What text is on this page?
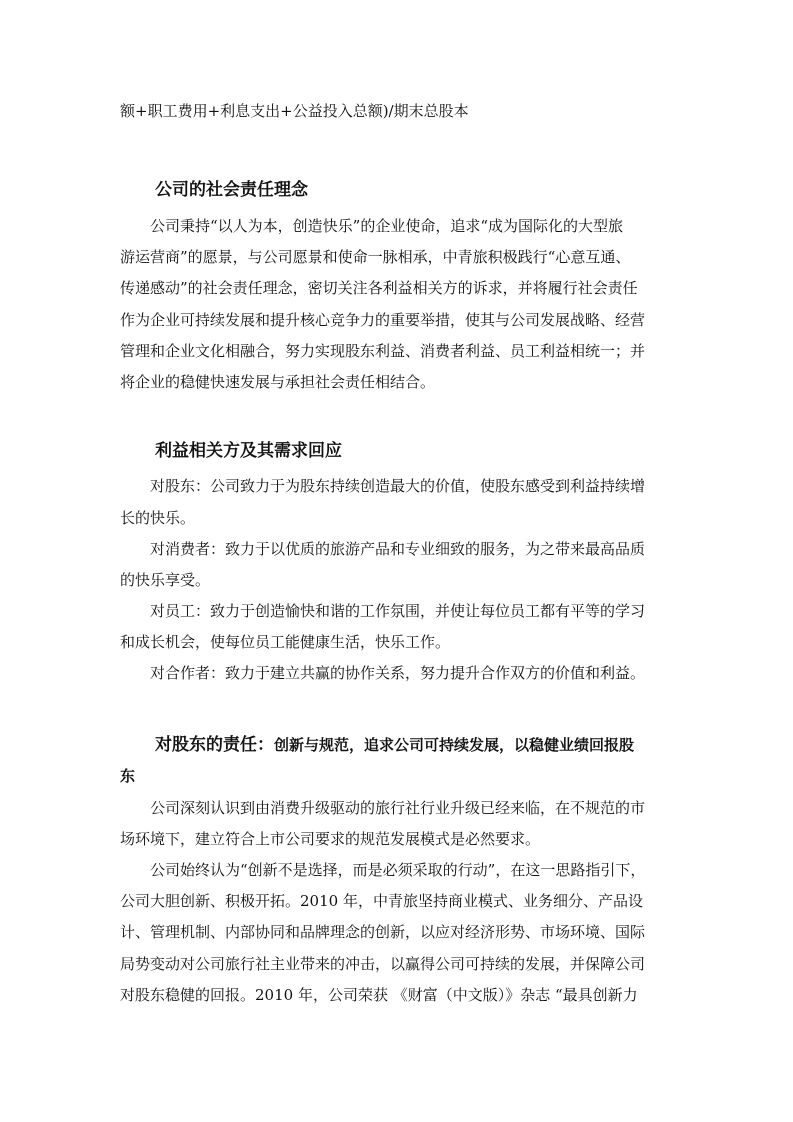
额+职工费用+利息支出+公益投入总额)/期末总股本
公司的社会责任理念
公司秉持“以人为本，创造快乐”的企业使命，追求“成为国际化的大型旅
游运营商”的愿景，与公司愿景和使命一脉相承，中青旅积极践行“心意互通、
传递感动”的社会责任理念，密切关注各利益相关方的诉求，并将履行社会责任
作为企业可持续发展和提升核心竞争力的重要举措，使其与公司发展战略、经营
管理和企业文化相融合，努力实现股东利益、消费者利益、员工利益相统一；并
将企业的稳健快速发展与承担社会责任相结合。
利益相关方及其需求回应
对股东：公司致力于为股东持续创造最大的价值，使股东感受到利益持续增
长的快乐。
对消费者：致力于以优质的旅游产品和专业细致的服务，为之带来最高品质
的快乐享受。
对员工：致力于创造愉快和谐的工作氛围，并使让每位员工都有平等的学习
和成长机会，使每位员工能健康生活，快乐工作。
对合作者：致力于建立共赢的协作关系，努力提升合作双方的价值和利益。
对股东的责任：创新与规范，追求公司可持续发展，以稳健业绩回报股
东
公司深刻认识到由消费升级驱动的旅行社行业升级已经来临，在不规范的市
场环境下，建立符合上市公司要求的规范发展模式是必然要求。
公司始终认为“创新不是选择，而是必须采取的行动”，在这一思路指引下，
公司大胆创新、积极开拓。2010 年，中青旅坚持商业模式、业务细分、产品设
计、管理机制、内部协同和品牌理念的创新，以应对经济形势、市场环境、国际
局势变动对公司旅行社主业带来的冲击，以赢得公司可持续的发展，并保障公司
对股东稳健的回报。2010 年，公司荣获 《财富（中文版）》杂志 “最具创新力
